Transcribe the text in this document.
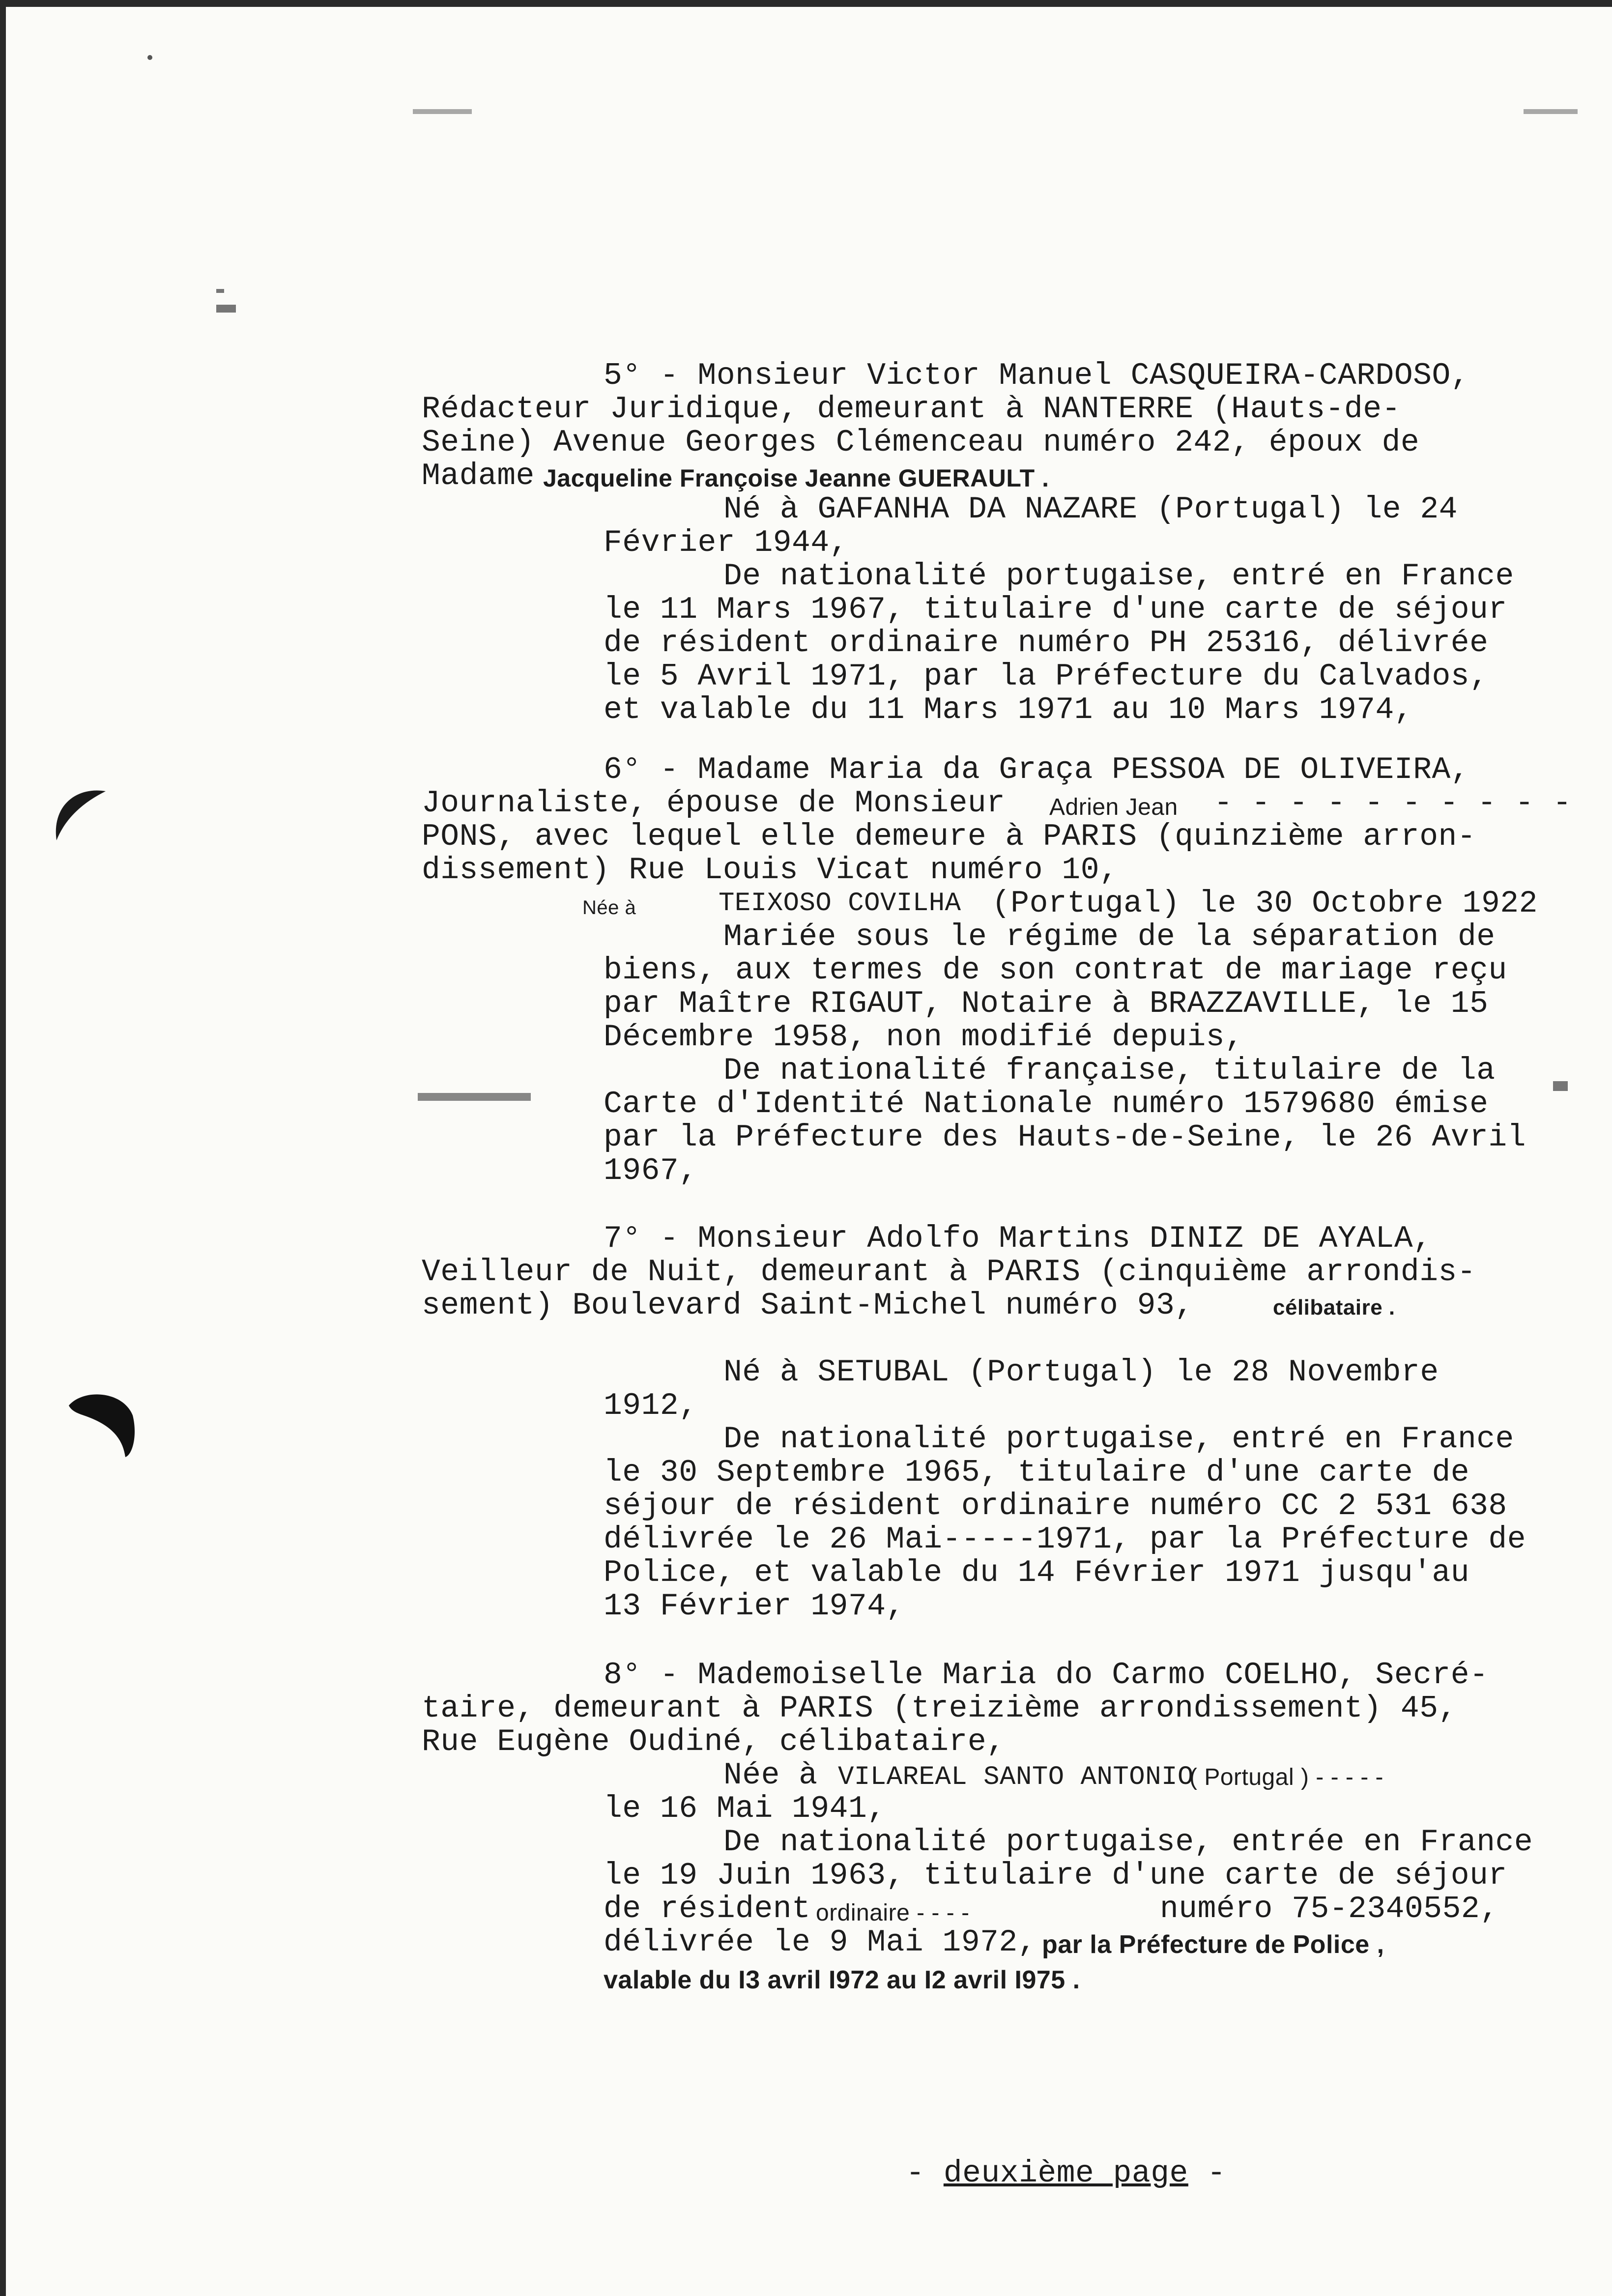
5° - Monsieur Victor Manuel CASQUEIRA-CARDOSO,
Rédacteur Juridique, demeurant à NANTERRE (Hauts-de-
Seine) Avenue Georges Clémenceau numéro 242, époux de
Madame Jacqueline Françoise Jeanne GUERAULT .
Né à GAFANHA DA NAZARE (Portugal) le 24
Février 1944,
De nationalité portugaise, entré en France
le 11 Mars 1967, titulaire d'une carte de séjour
de résident ordinaire numéro PH 25316, délivrée
le 5 Avril 1971, par la Préfecture du Calvados,
et valable du 11 Mars 1971 au 10 Mars 1974,
6° - Madame Maria da Graça PESSOA DE OLIVEIRA,
Journaliste, épouse de Monsieur Adrien Jean - - - - - - - - - -
PONS, avec lequel elle demeure à PARIS (quinzième arron-
dissement) Rue Louis Vicat numéro 10,
Née à	TEIXOSO COVILHA (Portugal) le 30 Octobre 1922
Mariée sous le régime de la séparation de
biens, aux termes de son contrat de mariage reçu
par Maître RIGAUT, Notaire à BRAZZAVILLE, le 15
Décembre 1958, non modifié depuis,
De nationalité française, titulaire de la
Carte d'Identité Nationale numéro 1579680 émise
par la Préfecture des Hauts-de-Seine, le 26 Avril
1967,
7° - Monsieur Adolfo Martins DINIZ DE AYALA,
Veilleur de Nuit, demeurant à PARIS (cinquième arrondis-
sement) Boulevard Saint-Michel numéro 93,	célibataire .
Né à SETUBAL (Portugal) le 28 Novembre
1912,
De nationalité portugaise, entré en France
le 30 Septembre 1965, titulaire d'une carte de
séjour de résident ordinaire numéro CC 2 531 638
délivrée le 26 Mai-----1971, par la Préfecture de
Police, et valable du 14 Février 1971 jusqu'au
13 Février 1974,
8° - Mademoiselle Maria do Carmo COELHO, Secré-
taire, demeurant à PARIS (treizième arrondissement) 45,
Rue Eugène Oudiné, célibataire,
Née à VILAREAL SANTO ANTONIO
( Portugal ) - - - - -
le 16 Mai 1941,
De nationalité portugaise, entrée en France
le 19 Juin 1963, titulaire d'une carte de séjour
de résident ordinaire - - - -	numéro 75-2340552,
délivrée le 9 Mai 1972, par la Préfecture de Police ,
valable du I3 avril I972 au I2 avril I975 .

- deuxième page -
